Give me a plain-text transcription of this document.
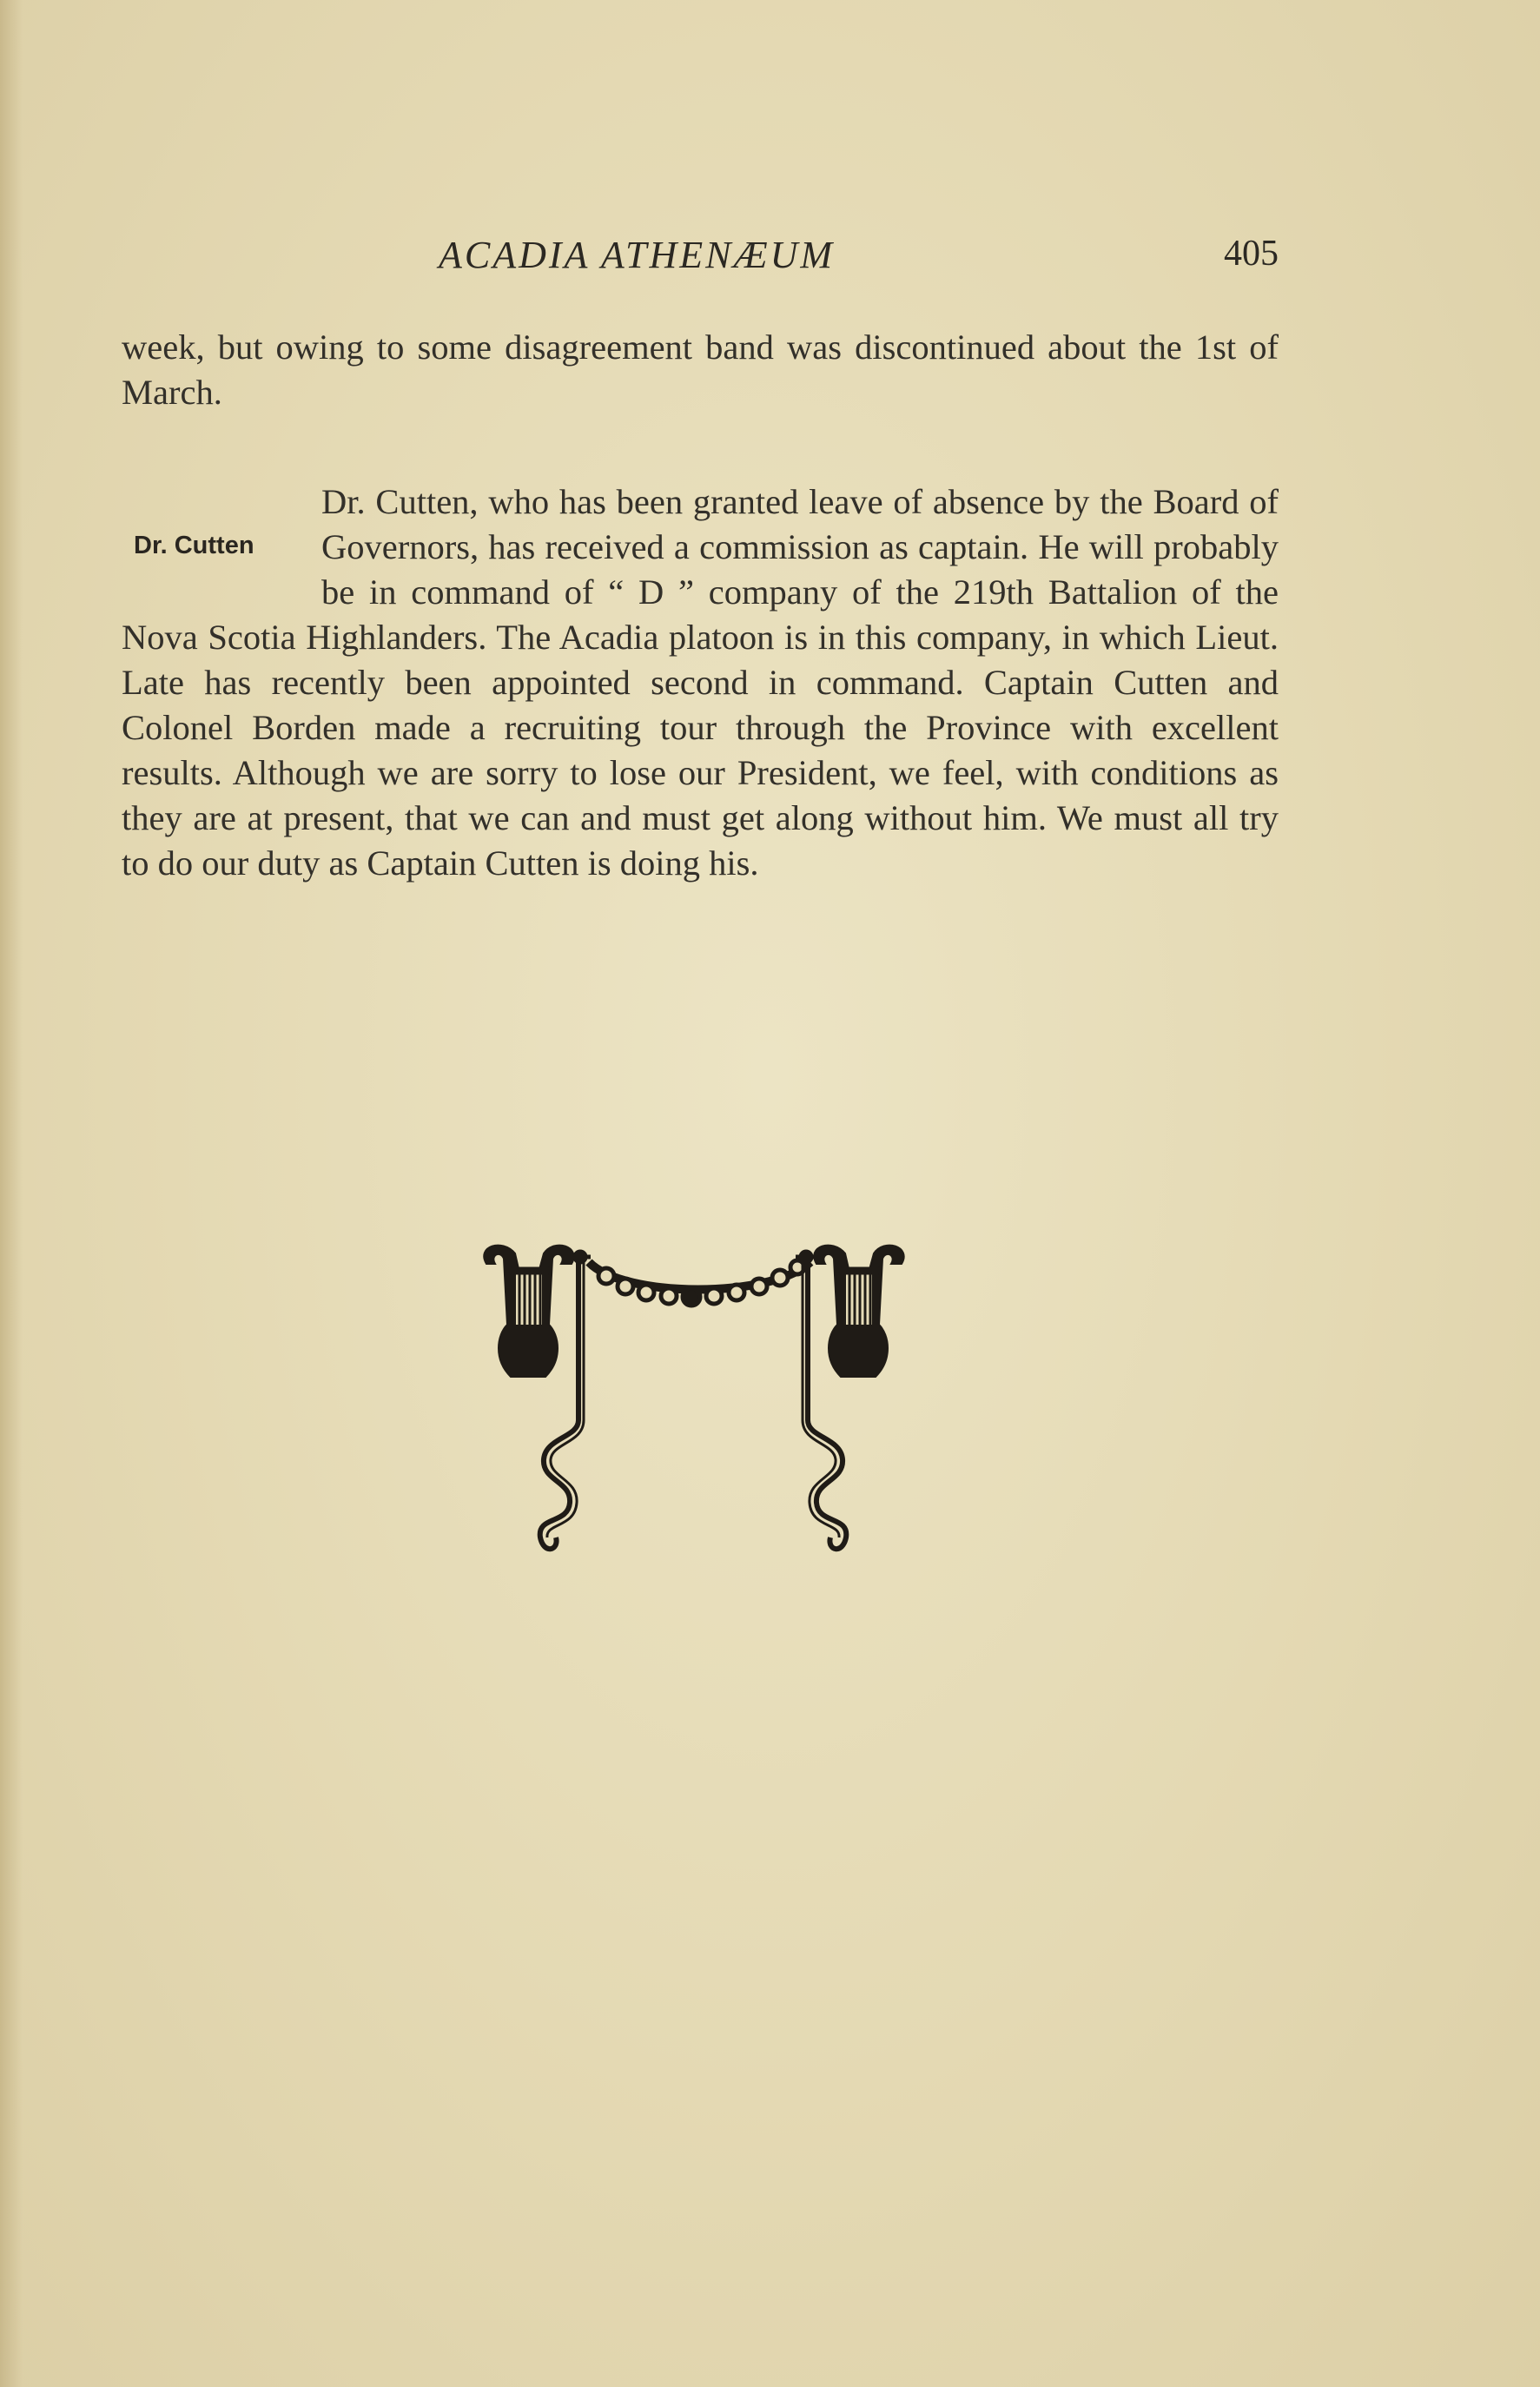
ACADIA ATHENÆUM	405

week, but owing to some disagreement band was discontinued about the 1st of March.

Dr. Cutten

Dr. Cutten, who has been granted leave of absence by the Board of Governors, has received a commission as captain. He will probably be in command of “ D ” company of the 219th Battalion of the Nova Scotia Highlanders. The Acadia platoon is in this company, in which Lieut. Late has recently been appointed second in command. Captain Cutten and Colonel Borden made a recruiting tour through the Province with excellent results. Although we are sorry to lose our President, we feel, with conditions as they are at present, that we can and must get along without him. We must all try to do our duty as Captain Cutten is doing his.
